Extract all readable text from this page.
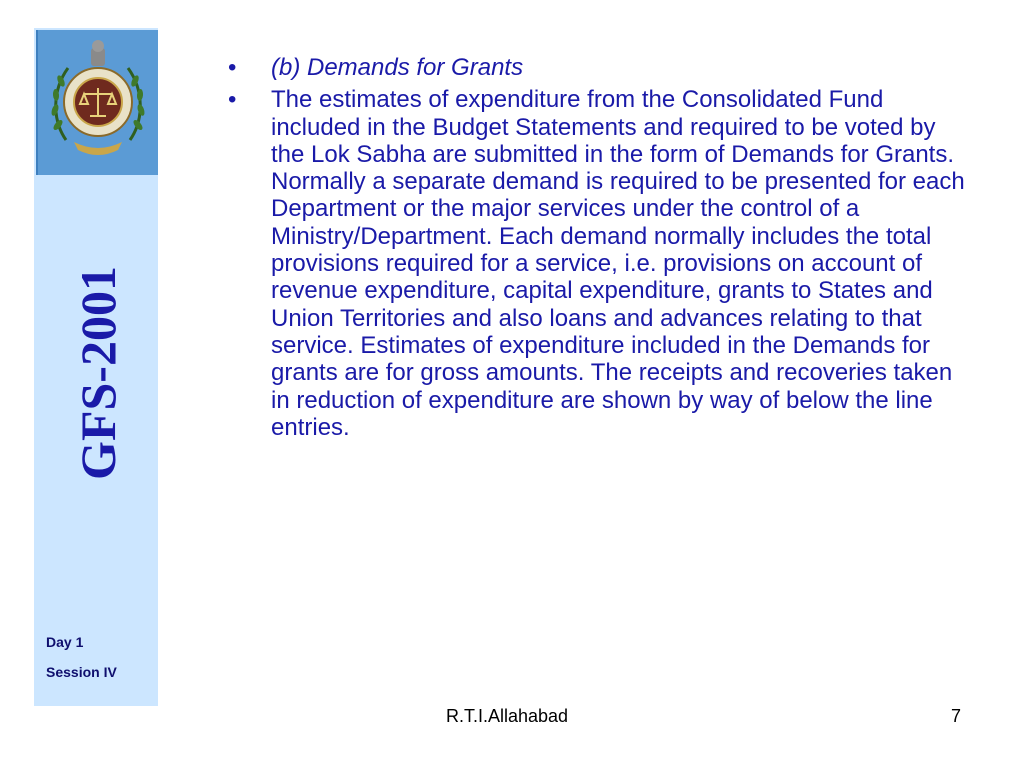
GFS-2001
Day 1
Session IV
•	(b) Demands for Grants
•	The estimates of expenditure from the Consolidated Fund included in the Budget Statements and required to be voted by the Lok Sabha are submitted in the form of Demands for Grants. Normally a separate demand is required to be presented for each Department or the major services under the control of a Ministry/Department. Each demand normally includes the total provisions required for a service, i.e. provisions on account of revenue expenditure, capital expenditure, grants to States and Union Territories and also loans and advances relating to that service. Estimates of expenditure included in the Demands for grants are for gross amounts. The receipts and recoveries taken in reduction of expenditure are shown by way of below the line entries.
R.T.I.Allahabad	7
